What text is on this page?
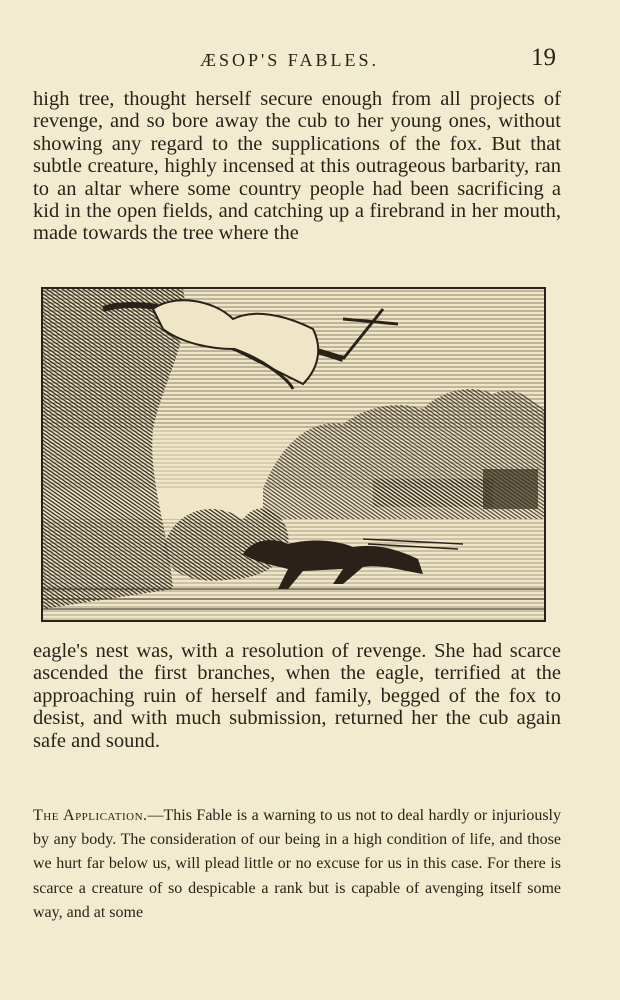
ÆSOP'S FABLES.	19

high tree, thought herself secure enough from all projects of revenge, and so bore away the cub to her young ones, without showing any regard to the supplications of the fox. But that subtle creature, highly incensed at this outrageous barbarity, ran to an altar where some country people had been sacrificing a kid in the open fields, and catching up a firebrand in her mouth, made towards the tree where the

eagle's nest was, with a resolution of revenge. She had scarce ascended the first branches, when the eagle, terrified at the approaching ruin of herself and family, begged of the fox to desist, and with much submission, returned her the cub again safe and sound.

The Application.—This Fable is a warning to us not to deal hardly or injuriously by any body. The consideration of our being in a high condition of life, and those we hurt far below us, will plead little or no excuse for us in this case. For there is scarce a creature of so despicable a rank but is capable of avenging itself some way, and at some
